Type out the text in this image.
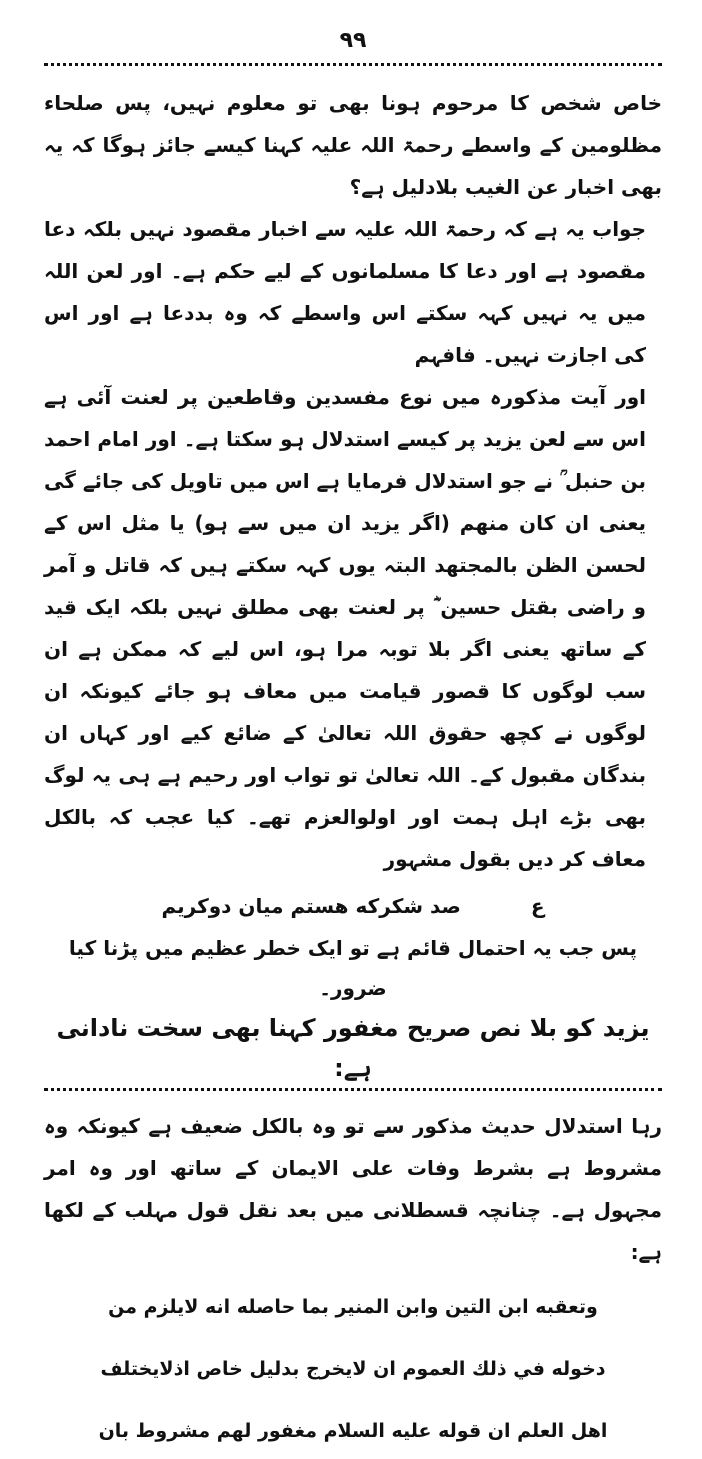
۹۹

خاص شخص کا مرحوم ہونا بھی تو معلوم نہیں، پس صلحاء مظلومین کے واسطے رحمۃ اللہ علیہ کہنا کیسے جائز ہوگا کہ یہ بھی اخبار عن الغیب بلادلیل ہے؟

جواب یہ ہے کہ رحمۃ اللہ علیہ سے اخبار مقصود نہیں بلکہ دعا مقصود ہے اور دعا کا مسلمانوں کے لیے حکم ہے۔ اور لعن اللہ میں یہ نہیں کہہ سکتے اس واسطے کہ وہ بددعا ہے اور اس کی اجازت نہیں۔ فافہم

اور آیت مذکورہ میں نوع مفسدین وقاطعین پر لعنت آئی ہے اس سے لعن یزید پر کیسے استدلال ہو سکتا ہے۔ اور امام احمد بن حنبل ؒ نے جو استدلال فرمایا ہے اس میں تاویل کی جائے گی یعنی ان کان منھم (اگر یزید ان میں سے ہو) یا مثل اس کے لحسن الظن بالمجتھد البتہ یوں کہہ سکتے ہیں کہ قاتل و آمر و راضی بقتل حسین ؓ پر لعنت بھی مطلق نہیں بلکہ ایک قید کے ساتھ یعنی اگر بلا توبہ مرا ہو، اس لیے کہ ممکن ہے ان سب لوگوں کا قصور قیامت میں معاف ہو جائے کیونکہ ان لوگوں نے کچھ حقوق اللہ تعالیٰ کے ضائع کیے اور کہاں ان بندگان مقبول کے۔ اللہ تعالیٰ تو تواب اور رحیم ہے ہی یہ لوگ بھی بڑے اہل ہمت اور اولوالعزم تھے۔ کیا عجب کہ بالکل معاف کر دیں بقول مشہور

ع
صد شکرکه هستم میان دوکریم

پس جب یہ احتمال قائم ہے تو ایک خطر عظیم میں پڑنا کیا ضرور۔

یزید کو بلا نص صریح مغفور کہنا بھی سخت نادانی ہے:

رہا استدلال حدیث مذکور سے تو وہ بالکل ضعیف ہے کیونکہ وہ مشروط ہے بشرط وفات علی الایمان کے ساتھ اور وہ امر مجہول ہے۔ چنانچہ قسطلانی میں بعد نقل قول مہلب کے لکھا ہے:

وتعقبه ابن التين وابن المنير بما حاصله انه لايلزم من

دخوله في ذلك العموم ان لايخرج بدليل خاص اذلايختلف

اهل العلم ان قوله عليه السلام مغفور لهم مشروط بان
